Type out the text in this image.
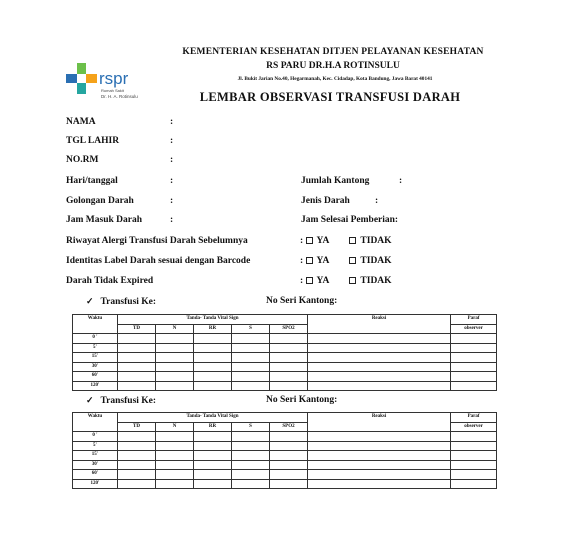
rspr
Rumah Sakit
Dr. H. A. Rotinsulu
KEMENTERIAN KESEHATAN DITJEN PELAYANAN KESEHATAN
RS PARU DR.H.A ROTINSULU
Jl. Bukit Jarian No.40, Hegarmanah, Kec. Cidadap, Kota Bandung, Jawa Barat 40141
LEMBAR OBSERVASI TRANSFUSI DARAH
NAMA	:
TGL LAHIR	:
NO.RM	:
Hari/tanggal	:	Jumlah Kantong	:
Golongan Darah	:	Jenis Darah	:
Jam Masuk Darah	:	Jam Selesai Pemberian:
Riwayat Alergi Transfusi Darah Sebelumnya	: YA	TIDAK
Identitas Label Darah sesuai dengan Barcode	: YA	TIDAK
Darah Tidak Expired	: YA	TIDAK
✓ Transfusi Ke:	No Seri Kantong:
Waktu	Tanda- Tanda Vital Sign					Reaksi	Paraf
	TD	N	RR	S	SPO2		observer
0 '							
5'							
15'							
30'							
60'							
120'							
✓ Transfusi Ke:	No Seri Kantong:
Waktu	Tanda- Tanda Vital Sign					Reaksi	Paraf
	TD	N	RR	S	SPO2		observer
0 '							
5'							
15'							
30'							
60'							
120'							
